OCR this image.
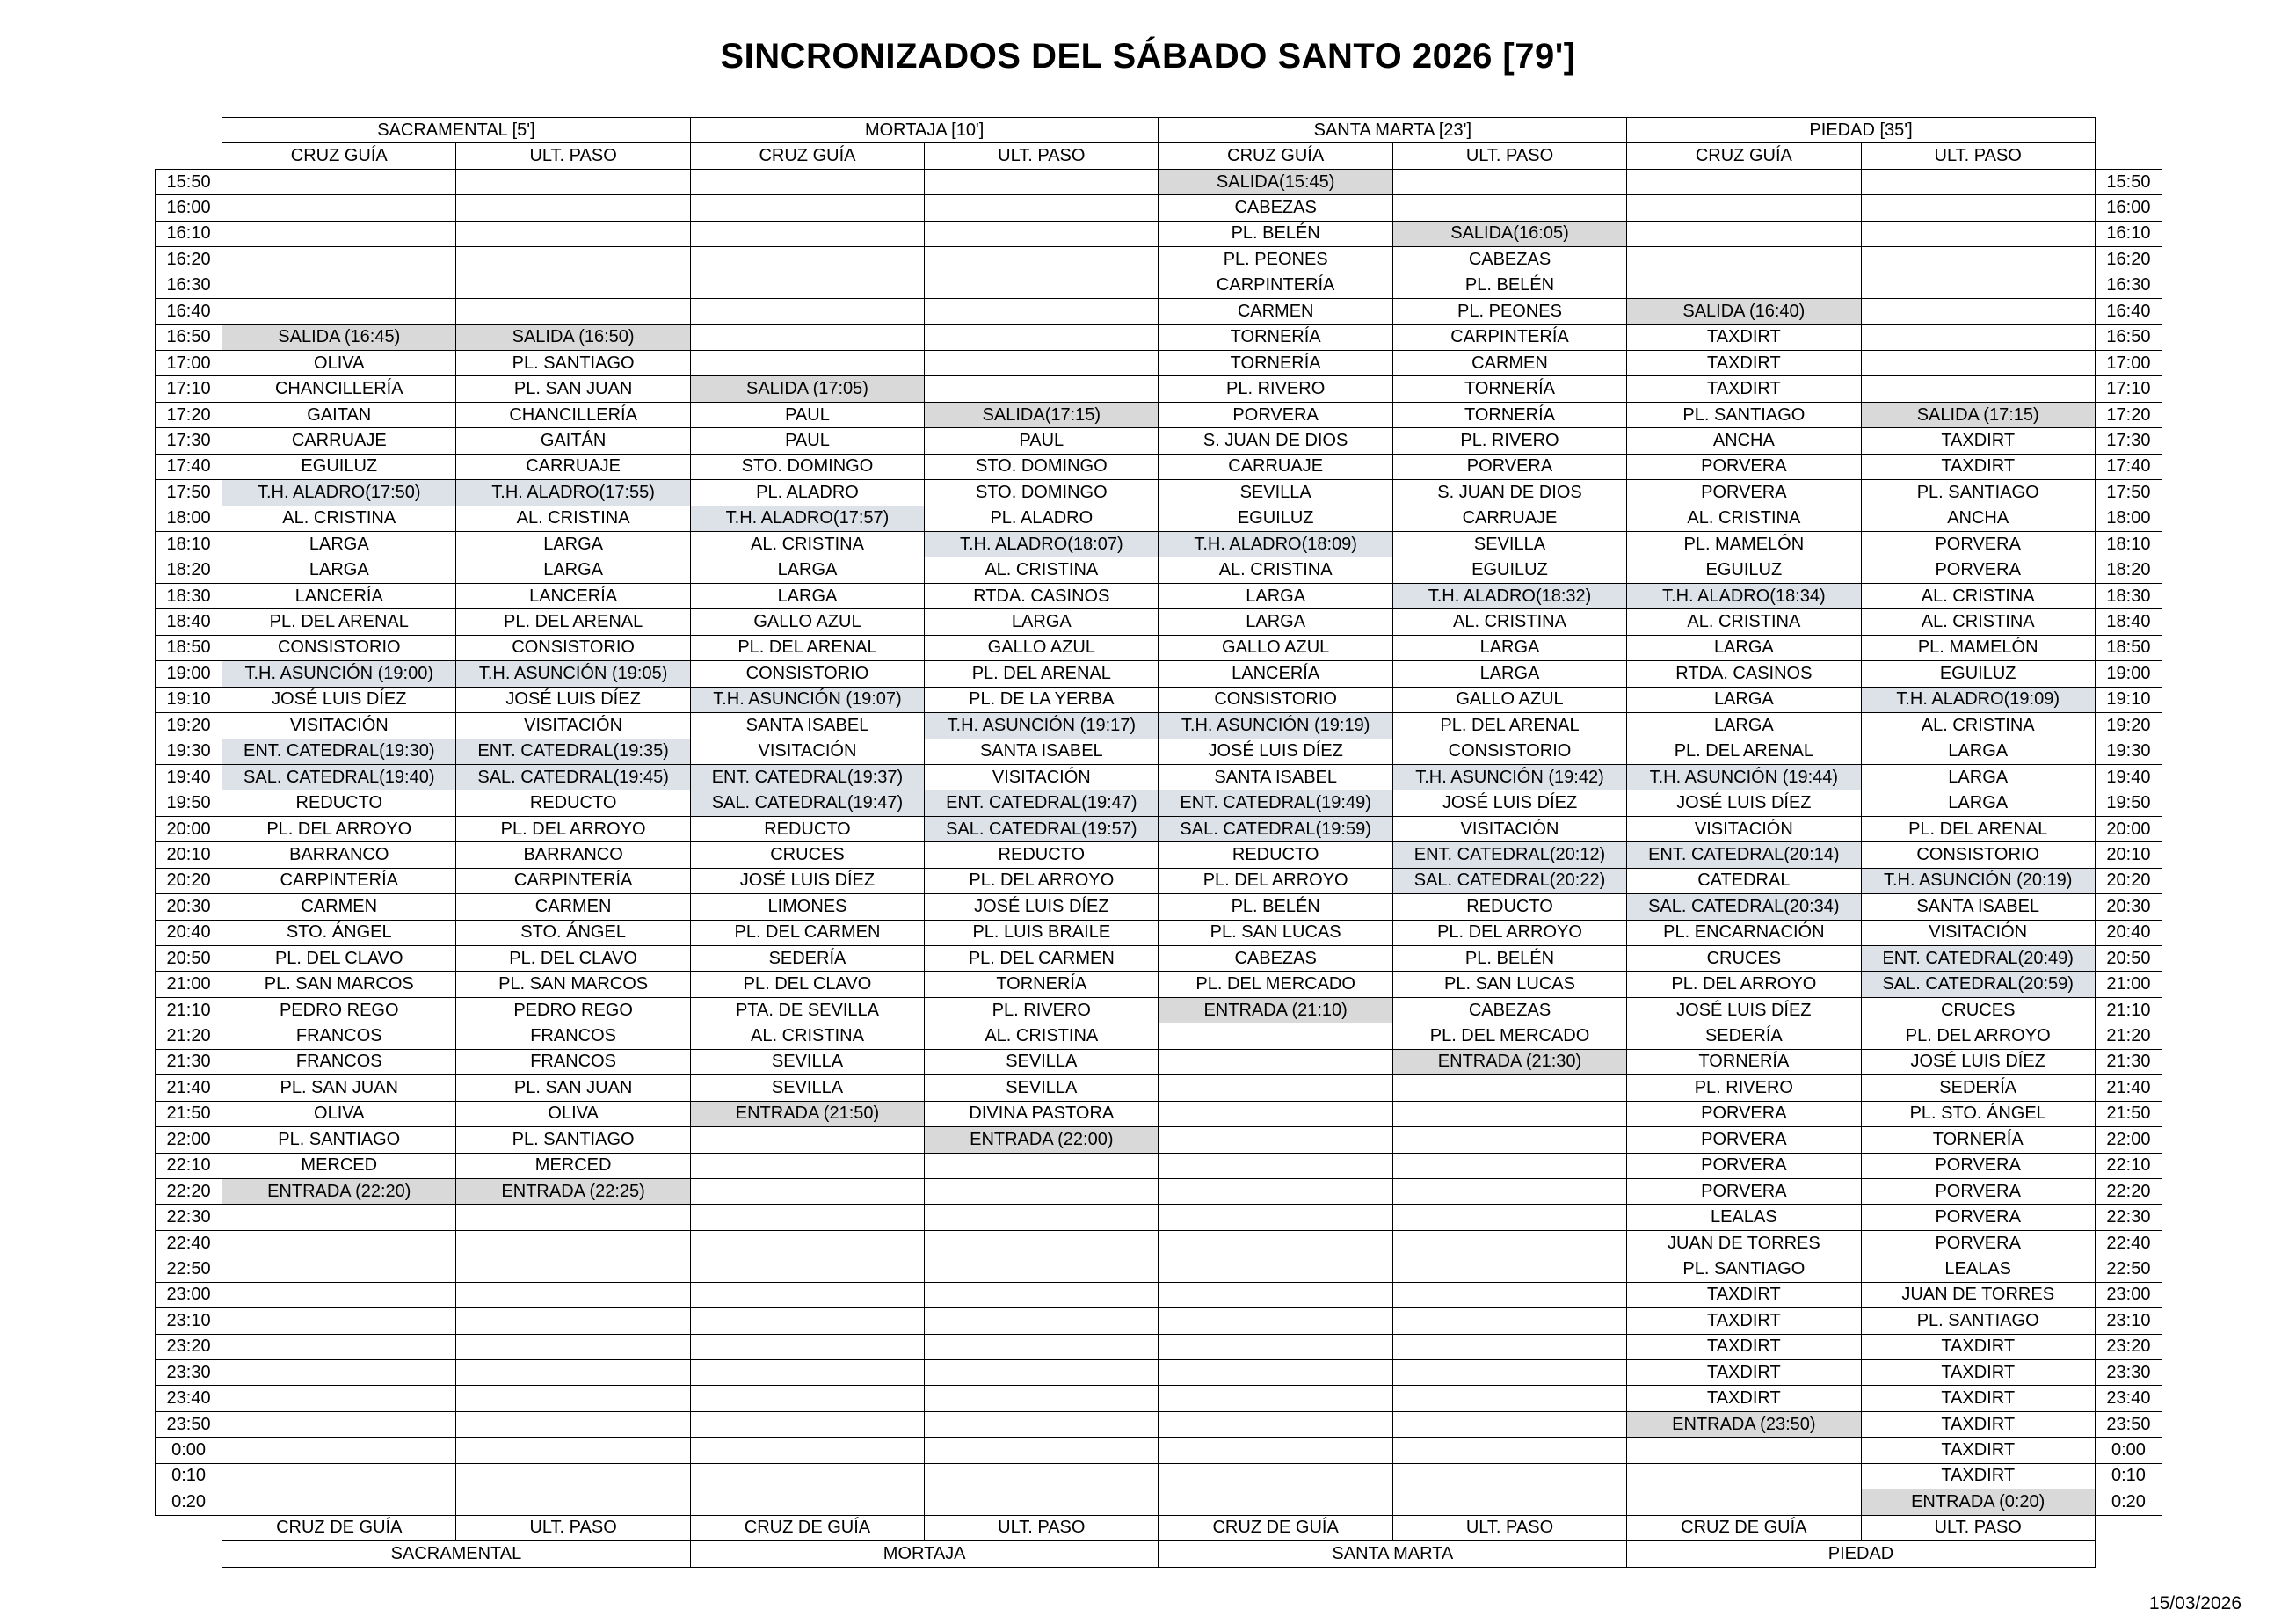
SINCRONIZADOS DEL SÁBADO SANTO 2026 [79']
	SACRAMENTAL [5']		MORTAJA [10']		SANTA MARTA [23']		PIEDAD [35']		
	CRUZ GUÍA	ULT. PASO	CRUZ GUÍA	ULT. PASO	CRUZ GUÍA	ULT. PASO	CRUZ GUÍA	ULT. PASO	
15:50					SALIDA(15:45)				15:50
16:00					CABEZAS				16:00
16:10					PL. BELÉN	SALIDA(16:05)			16:10
16:20					PL. PEONES	CABEZAS			16:20
16:30					CARPINTERÍA	PL. BELÉN			16:30
16:40					CARMEN	PL. PEONES	SALIDA (16:40)		16:40
16:50	SALIDA (16:45)	SALIDA (16:50)			TORNERÍA	CARPINTERÍA	TAXDIRT		16:50
17:00	OLIVA	PL. SANTIAGO			TORNERÍA	CARMEN	TAXDIRT		17:00
17:10	CHANCILLERÍA	PL. SAN JUAN	SALIDA (17:05)		PL. RIVERO	TORNERÍA	TAXDIRT		17:10
17:20	GAITAN	CHANCILLERÍA	PAUL	SALIDA(17:15)	PORVERA	TORNERÍA	PL. SANTIAGO	SALIDA (17:15)	17:20
17:30	CARRUAJE	GAITÁN	PAUL	PAUL	S. JUAN DE DIOS	PL. RIVERO	ANCHA	TAXDIRT	17:30
17:40	EGUILUZ	CARRUAJE	STO. DOMINGO	STO. DOMINGO	CARRUAJE	PORVERA	PORVERA	TAXDIRT	17:40
17:50	T.H. ALADRO(17:50)	T.H. ALADRO(17:55)	PL. ALADRO	STO. DOMINGO	SEVILLA	S. JUAN DE DIOS	PORVERA	PL. SANTIAGO	17:50
18:00	AL. CRISTINA	AL. CRISTINA	T.H. ALADRO(17:57)	PL. ALADRO	EGUILUZ	CARRUAJE	AL. CRISTINA	ANCHA	18:00
18:10	LARGA	LARGA	AL. CRISTINA	T.H. ALADRO(18:07)	T.H. ALADRO(18:09)	SEVILLA	PL. MAMELÓN	PORVERA	18:10
18:20	LARGA	LARGA	LARGA	AL. CRISTINA	AL. CRISTINA	EGUILUZ	EGUILUZ	PORVERA	18:20
18:30	LANCERÍA	LANCERÍA	LARGA	RTDA. CASINOS	LARGA	T.H. ALADRO(18:32)	T.H. ALADRO(18:34)	AL. CRISTINA	18:30
18:40	PL. DEL ARENAL	PL. DEL ARENAL	GALLO AZUL	LARGA	LARGA	AL. CRISTINA	AL. CRISTINA	AL. CRISTINA	18:40
18:50	CONSISTORIO	CONSISTORIO	PL. DEL ARENAL	GALLO AZUL	GALLO AZUL	LARGA	LARGA	PL. MAMELÓN	18:50
19:00	T.H. ASUNCIÓN (19:00)	T.H. ASUNCIÓN (19:05)	CONSISTORIO	PL. DEL ARENAL	LANCERÍA	LARGA	RTDA. CASINOS	EGUILUZ	19:00
19:10	JOSÉ LUIS DÍEZ	JOSÉ LUIS DÍEZ	T.H. ASUNCIÓN (19:07)	PL. DE LA YERBA	CONSISTORIO	GALLO AZUL	LARGA	T.H. ALADRO(19:09)	19:10
19:20	VISITACIÓN	VISITACIÓN	SANTA ISABEL	T.H. ASUNCIÓN (19:17)	T.H. ASUNCIÓN (19:19)	PL. DEL ARENAL	LARGA	AL. CRISTINA	19:20
19:30	ENT. CATEDRAL(19:30)	ENT. CATEDRAL(19:35)	VISITACIÓN	SANTA ISABEL	JOSÉ LUIS DÍEZ	CONSISTORIO	PL. DEL ARENAL	LARGA	19:30
19:40	SAL. CATEDRAL(19:40)	SAL. CATEDRAL(19:45)	ENT. CATEDRAL(19:37)	VISITACIÓN	SANTA ISABEL	T.H. ASUNCIÓN (19:42)	T.H. ASUNCIÓN (19:44)	LARGA	19:40
19:50	REDUCTO	REDUCTO	SAL. CATEDRAL(19:47)	ENT. CATEDRAL(19:47)	ENT. CATEDRAL(19:49)	JOSÉ LUIS DÍEZ	JOSÉ LUIS DÍEZ	LARGA	19:50
20:00	PL. DEL ARROYO	PL. DEL ARROYO	REDUCTO	SAL. CATEDRAL(19:57)	SAL. CATEDRAL(19:59)	VISITACIÓN	VISITACIÓN	PL. DEL ARENAL	20:00
20:10	BARRANCO	BARRANCO	CRUCES	REDUCTO	REDUCTO	ENT. CATEDRAL(20:12)	ENT. CATEDRAL(20:14)	CONSISTORIO	20:10
20:20	CARPINTERÍA	CARPINTERÍA	JOSÉ LUIS DÍEZ	PL. DEL ARROYO	PL. DEL ARROYO	SAL. CATEDRAL(20:22)	CATEDRAL	T.H. ASUNCIÓN (20:19)	20:20
20:30	CARMEN	CARMEN	LIMONES	JOSÉ LUIS DÍEZ	PL. BELÉN	REDUCTO	SAL. CATEDRAL(20:34)	SANTA ISABEL	20:30
20:40	STO. ÁNGEL	STO. ÁNGEL	PL. DEL CARMEN	PL. LUIS BRAILE	PL. SAN LUCAS	PL. DEL ARROYO	PL. ENCARNACIÓN	VISITACIÓN	20:40
20:50	PL. DEL CLAVO	PL. DEL CLAVO	SEDERÍA	PL. DEL CARMEN	CABEZAS	PL. BELÉN	CRUCES	ENT. CATEDRAL(20:49)	20:50
21:00	PL. SAN MARCOS	PL. SAN MARCOS	PL. DEL CLAVO	TORNERÍA	PL. DEL MERCADO	PL. SAN LUCAS	PL. DEL ARROYO	SAL. CATEDRAL(20:59)	21:00
21:10	PEDRO REGO	PEDRO REGO	PTA. DE SEVILLA	PL. RIVERO	ENTRADA (21:10)	CABEZAS	JOSÉ LUIS DÍEZ	CRUCES	21:10
21:20	FRANCOS	FRANCOS	AL. CRISTINA	AL. CRISTINA		PL. DEL MERCADO	SEDERÍA	PL. DEL ARROYO	21:20
21:30	FRANCOS	FRANCOS	SEVILLA	SEVILLA		ENTRADA (21:30)	TORNERÍA	JOSÉ LUIS DÍEZ	21:30
21:40	PL. SAN JUAN	PL. SAN JUAN	SEVILLA	SEVILLA			PL. RIVERO	SEDERÍA	21:40
21:50	OLIVA	OLIVA	ENTRADA (21:50)	DIVINA PASTORA			PORVERA	PL. STO. ÁNGEL	21:50
22:00	PL. SANTIAGO	PL. SANTIAGO		ENTRADA (22:00)			PORVERA	TORNERÍA	22:00
22:10	MERCED	MERCED					PORVERA	PORVERA	22:10
22:20	ENTRADA (22:20)	ENTRADA (22:25)					PORVERA	PORVERA	22:20
22:30							LEALAS	PORVERA	22:30
22:40							JUAN DE TORRES	PORVERA	22:40
22:50							PL. SANTIAGO	LEALAS	22:50
23:00							TAXDIRT	JUAN DE TORRES	23:00
23:10							TAXDIRT	PL. SANTIAGO	23:10
23:20							TAXDIRT	TAXDIRT	23:20
23:30							TAXDIRT	TAXDIRT	23:30
23:40							TAXDIRT	TAXDIRT	23:40
23:50							ENTRADA (23:50)	TAXDIRT	23:50
0:00								TAXDIRT	0:00
0:10								TAXDIRT	0:10
0:20								ENTRADA (0:20)	0:20
	CRUZ DE GUÍA	ULT. PASO	CRUZ DE GUÍA	ULT. PASO	CRUZ DE GUÍA	ULT. PASO	CRUZ DE GUÍA	ULT. PASO	
	SACRAMENTAL		MORTAJA		SANTA MARTA		PIEDAD		
15/03/2026
